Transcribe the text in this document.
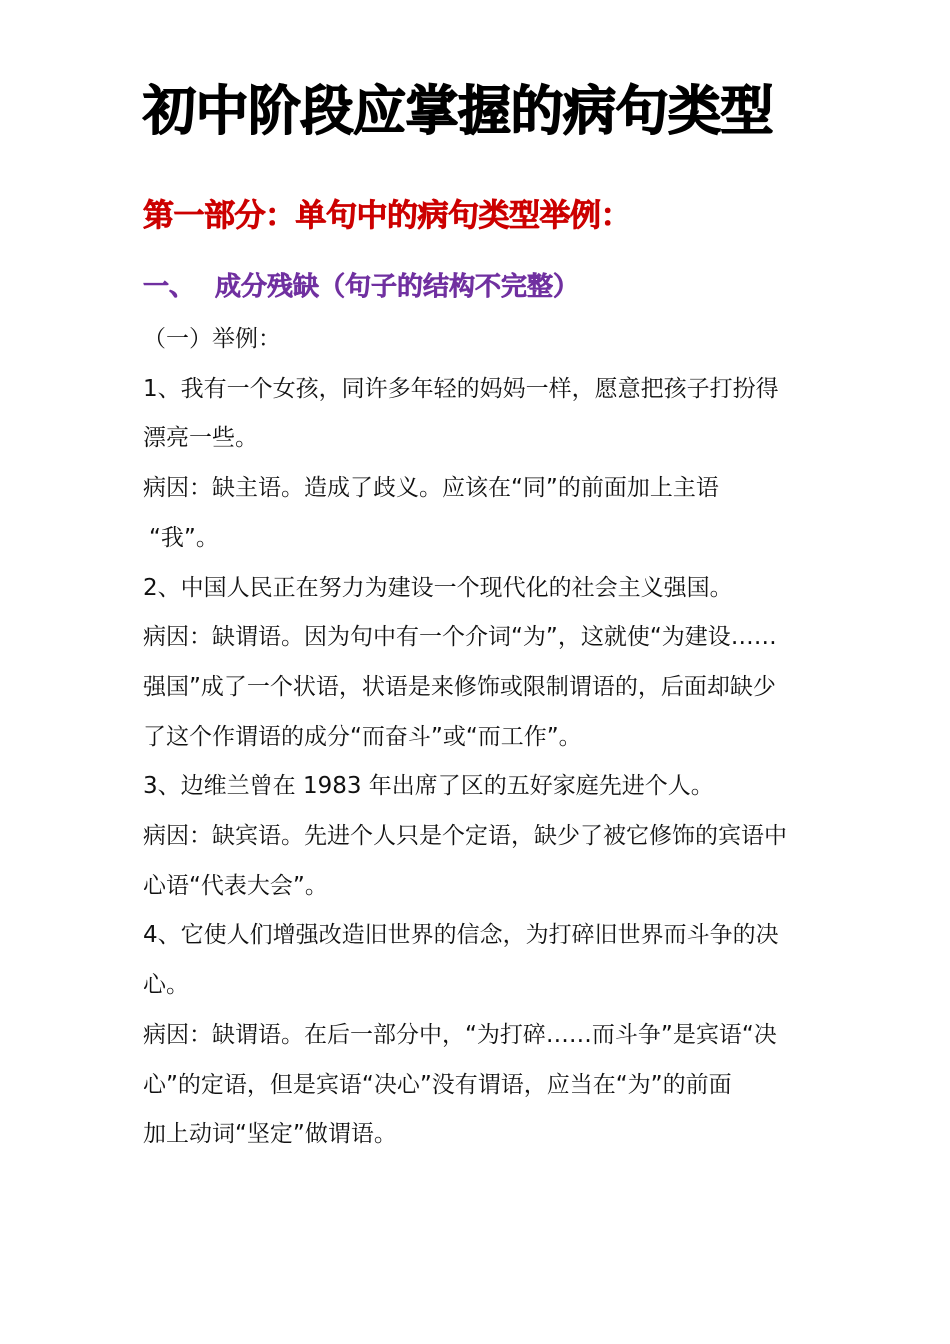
初中阶段应掌握的病句类型
第一部分：单句中的病句类型举例：
一、 成分残缺（句子的结构不完整）

（一）举例：

1、我有一个女孩，同许多年轻的妈妈一样，愿意把孩子打扮得

漂亮一些。

病因：缺主语。造成了歧义。应该在“同”的前面加上主语

“我”。

2、中国人民正在努力为建设一个现代化的社会主义强国。

病因：缺谓语。因为句中有一个介词“为”，这就使“为建设……

强国”成了一个状语，状语是来修饰或限制谓语的，后面却缺少

了这个作谓语的成分“而奋斗”或“而工作”。

3、边维兰曾在 1983 年出席了区的五好家庭先进个人。

病因：缺宾语。先进个人只是个定语，缺少了被它修饰的宾语中

心语“代表大会”。

4、它使人们增强改造旧世界的信念，为打碎旧世界而斗争的决

心。

病因：缺谓语。在后一部分中，“为打碎……而斗争”是宾语“决

心”的定语，但是宾语“决心”没有谓语，应当在“为”的前面

加上动词“坚定”做谓语。
